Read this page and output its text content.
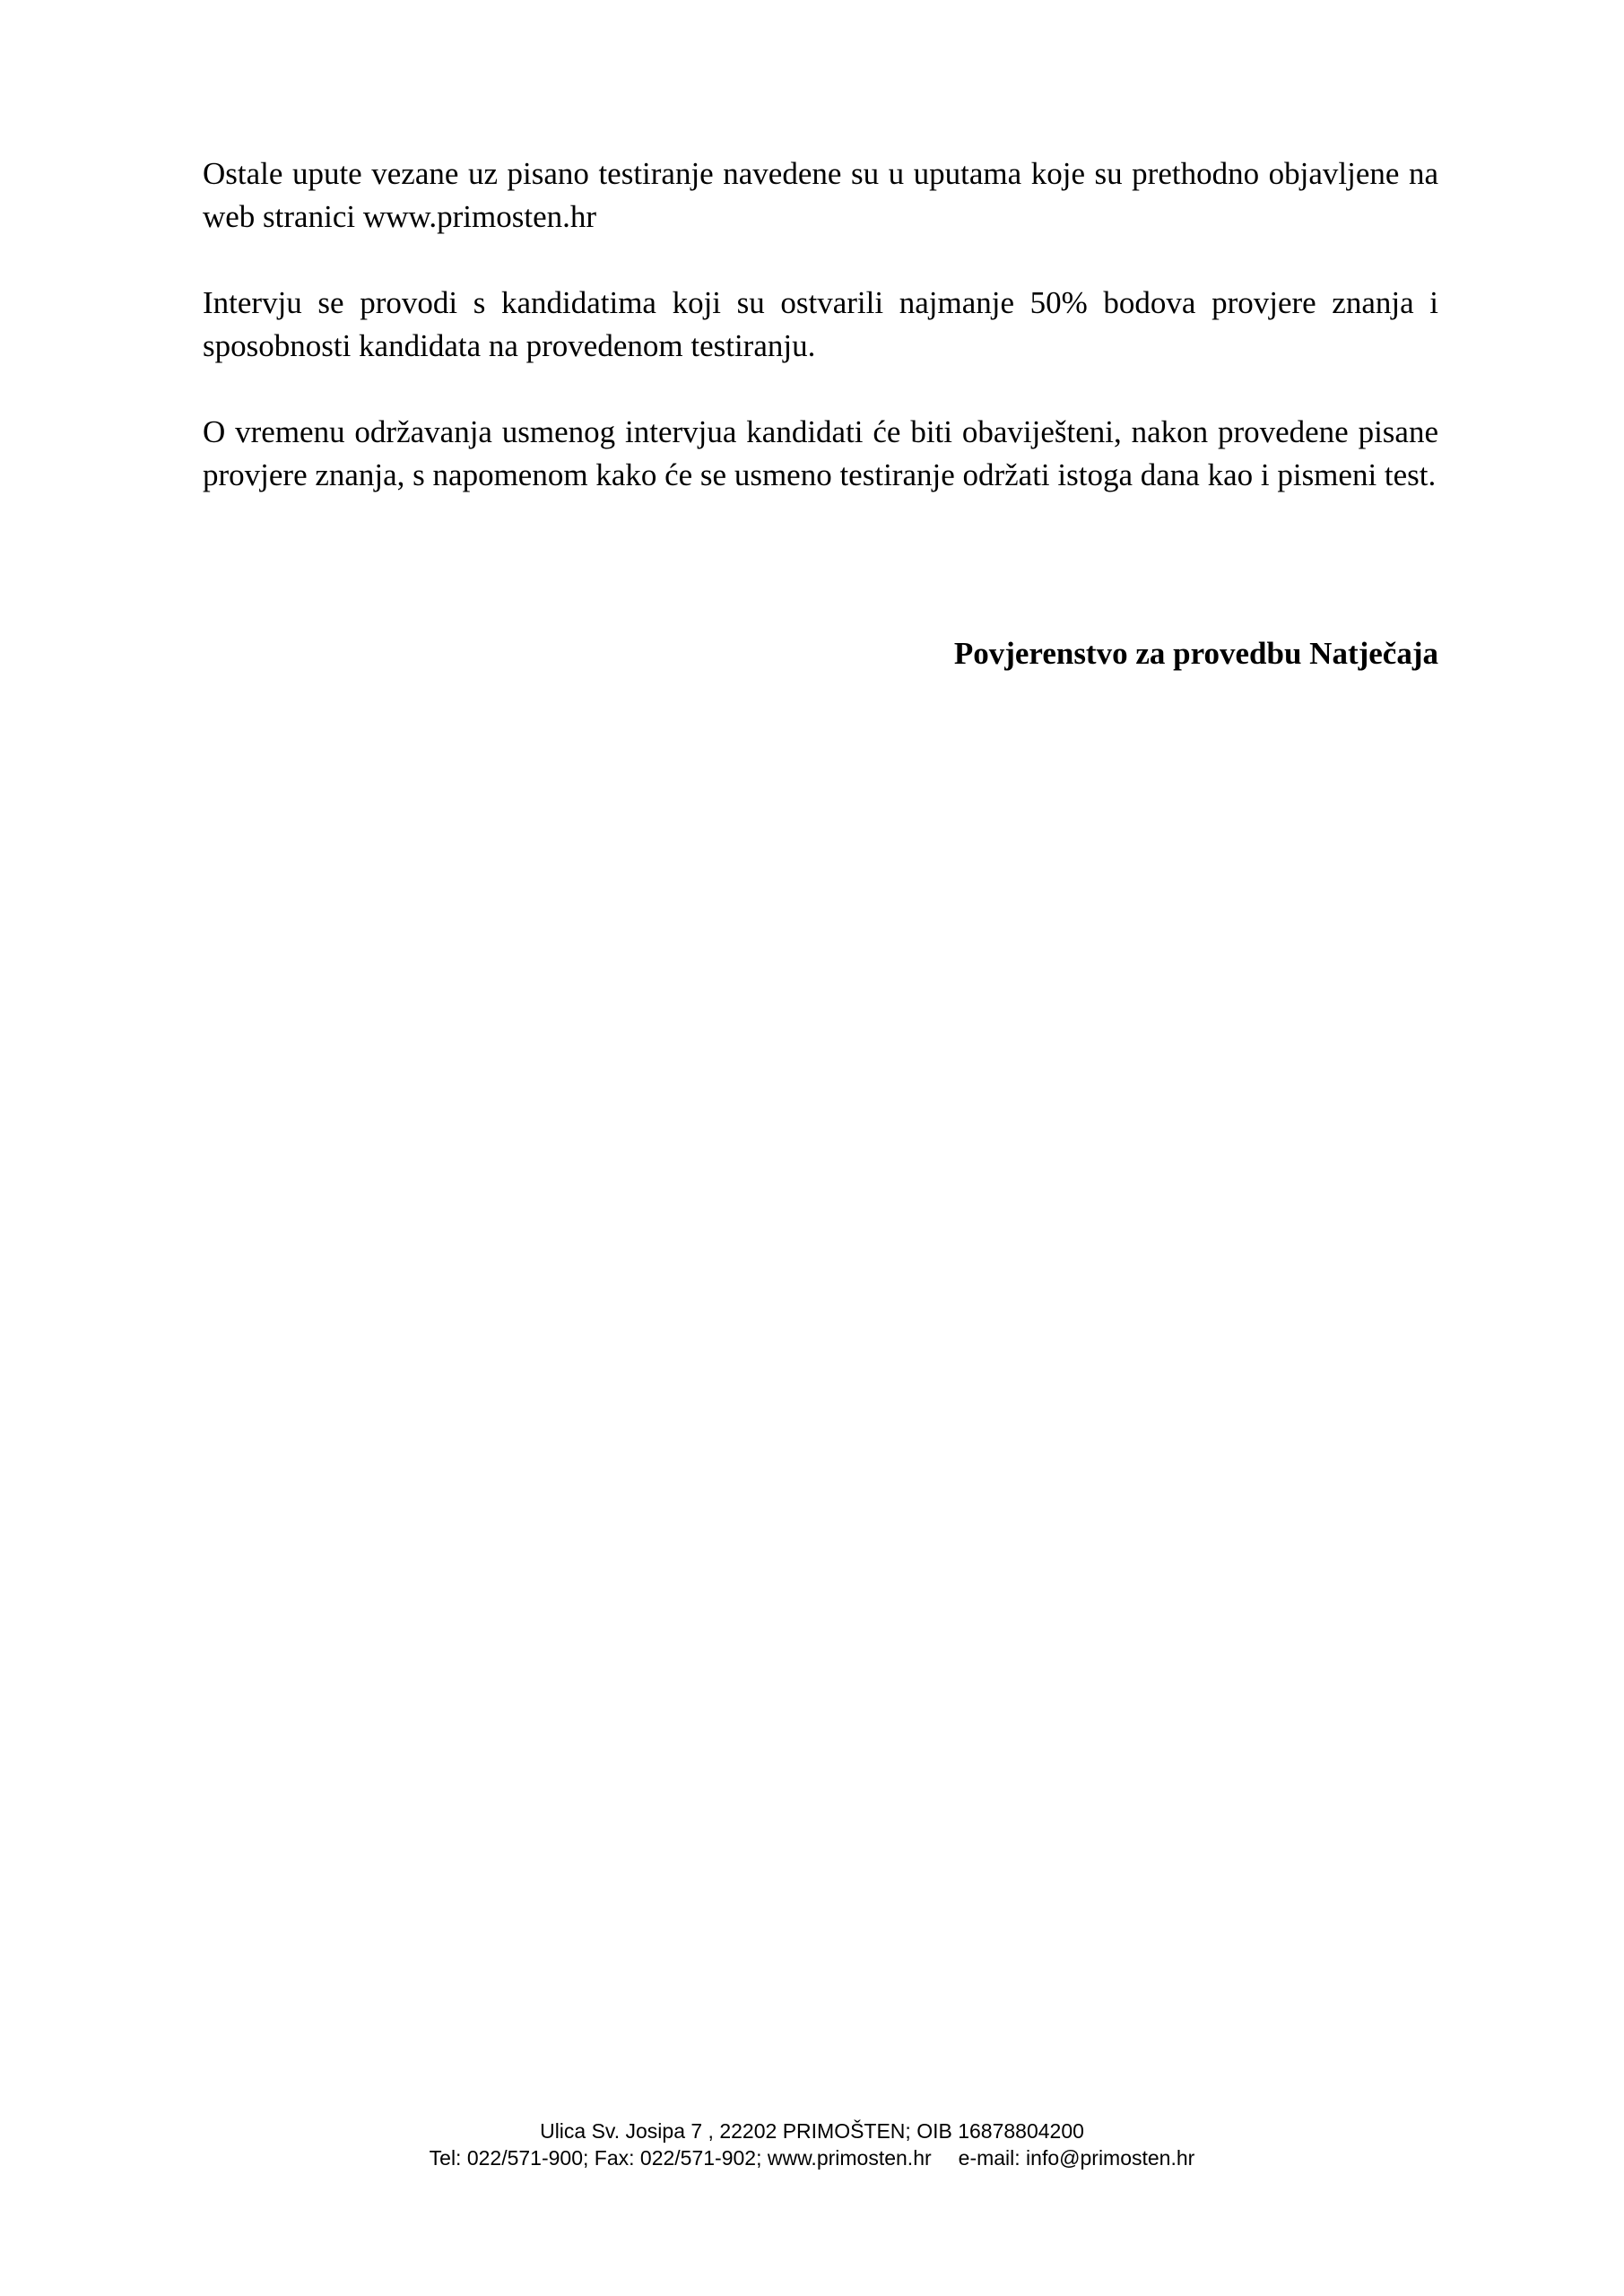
Ostale upute vezane uz pisano testiranje navedene su u uputama koje su prethodno objavljene na web stranici www.primosten.hr

Intervju se provodi s kandidatima koji su ostvarili najmanje 50% bodova provjere znanja i sposobnosti kandidata na provedenom testiranju.

O vremenu održavanja usmenog intervjua kandidati će biti obaviješteni, nakon provedene pisane provjere znanja, s napomenom kako će se usmeno testiranje održati istoga dana kao i pismeni test.

Povjerenstvo za provedbu Natječaja
Ulica Sv. Josipa 7 , 22202 PRIMOŠTEN; OIB 16878804200
Tel: 022/571-900; Fax: 022/571-902; www.primosten.hr e-mail: info@primosten.hr
